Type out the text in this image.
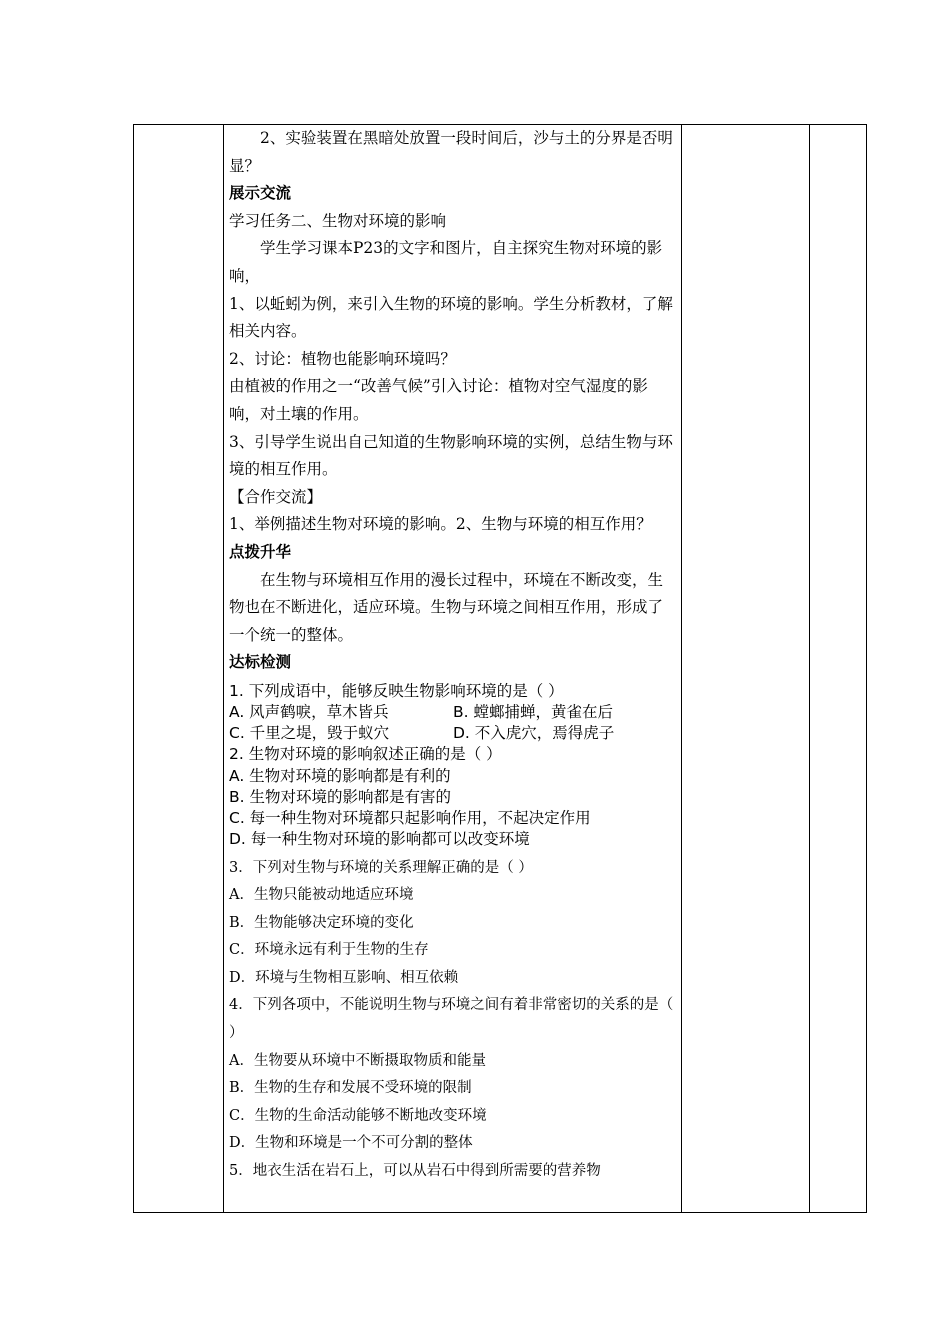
2、实验装置在黑暗处放置一段时间后，沙与土的分界是否明显？

展示交流

学习任务二、生物对环境的影响

学生学习课本P23的文字和图片，自主探究生物对环境的影响，

1、以蚯蚓为例，来引入生物的环境的影响。学生分析教材，了解相关内容。

2、讨论：植物也能影响环境吗？

由植被的作用之一“改善气候”引入讨论：植物对空气湿度的影响，对土壤的作用。

3、引导学生说出自己知道的生物影响环境的实例，总结生物与环境的相互作用。

【合作交流】

1、举例描述生物对环境的影响。2、生物与环境的相互作用？

点拨升华

在生物与环境相互作用的漫长过程中，环境在不断改变，生物也在不断进化，适应环境。生物与环境之间相互作用，形成了一个统一的整体。

达标检测

1. 下列成语中，能够反映生物影响环境的是（ ）
A. 风声鹤唳，草木皆兵	B. 螳螂捕蝉，黄雀在后
C. 千里之堤，毁于蚁穴	D. 不入虎穴，焉得虎子
2. 生物对环境的影响叙述正确的是（ ）
A. 生物对环境的影响都是有利的
B. 生物对环境的影响都是有害的
C. 每一种生物对环境都只起影响作用，不起决定作用
D. 每一种生物对环境的影响都可以改变环境

3．下列对生物与环境的关系理解正确的是（ ）

A．生物只能被动地适应环境

B．生物能够决定环境的变化

C．环境永远有利于生物的生存

D．环境与生物相互影响、相互依赖

4．下列各项中，不能说明生物与环境之间有着非常密切的关系的是（ ）

A．生物要从环境中不断摄取物质和能量

B．生物的生存和发展不受环境的限制

C．生物的生命活动能够不断地改变环境

D．生物和环境是一个不可分割的整体

5．地衣生活在岩石上，可以从岩石中得到所需要的营养物
